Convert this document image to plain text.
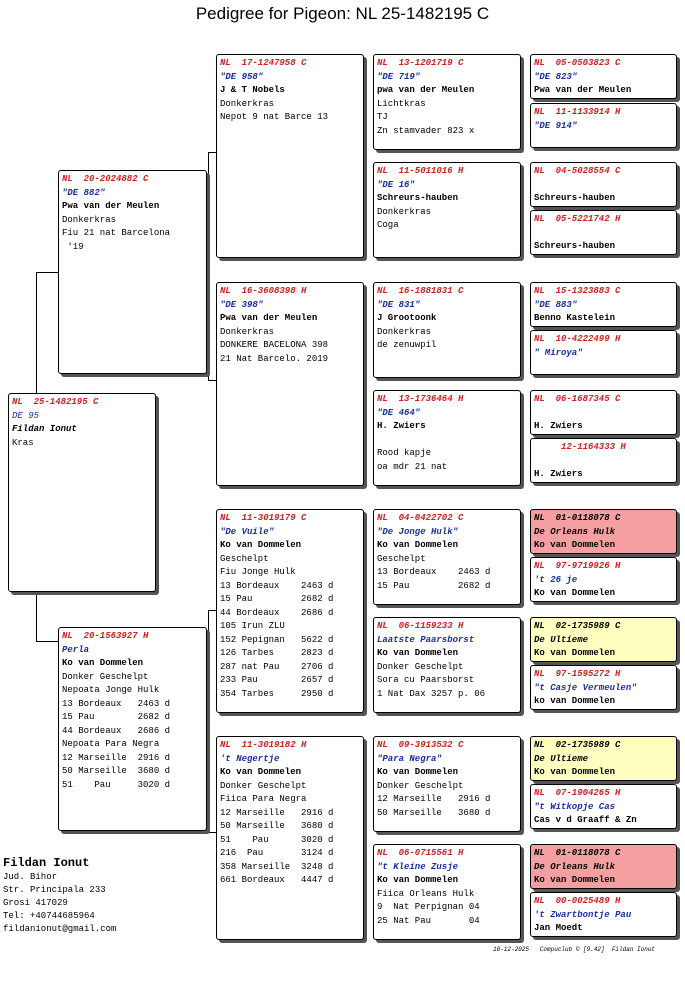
Pedigree for Pigeon: NL 25-1482195 C
NL  25-1482195 C
DE 95
Fildan Ionut
Kras
NL  20-2024882 C
"DE 882"
Pwa van der Meulen
Donkerkras
Fiu 21 nat Barcelona
'19
NL  20-1563927 H
Perla
Ko van Dommelen
Donker Geschelpt
Nepoata Jonge Hulk
13 Bordeaux   2463 d
15 Pau        2682 d
44 Bordeaux   2686 d
Nepoata Para Negra
12 Marseille  2916 d
50 Marseille  3680 d
51    Pau     3020 d
NL  17-1247958 C
"DE 958"
J & T Nobels
Donkerkras
Nepot 9 nat Barce 13
NL  16-3608398 H
"DE 398"
Pwa van der Meulen
Donkerkras
DONKERE BACELONA 398
21 Nat Barcelo. 2019
NL  11-3019179 C
"De Vuile"
Ko van Dommelen
Geschelpt
Fiu Jonge Hulk
13 Bordeaux    2463 d
15 Pau         2682 d
44 Bordeaux    2686 d
105 Irun ZLU
152 Pepignan   5622 d
126 Tarbes     2823 d
287 nat Pau    2706 d
233 Pau        2657 d
354 Tarbes     2950 d
NL  11-3019182 H
't Negertje
Ko van Dommelen
Donker Geschelpt
Fiica Para Negra
12 Marseille   2916 d
50 Marseille   3680 d
51    Pau      3020 d
216  Pau       3124 d
358 Marseille  3248 d
661 Bordeaux   4447 d
NL  13-1201719 C
"DE 719"
pwa van der Meulen
Lichtkras
TJ
Zn stamvader 823 x
NL  11-5011016 H
"DE 16"
Schreurs-hauben
Donkerkras
Coga
NL  16-1881831 C
"DE 831"
J Grootoonk
Donkerkras
de zenuwpil
NL  13-1736464 H
"DE 464"
H. Zwiers
Rood kapje
oa mdr 21 nat
NL  04-0422702 C
"De Jonge Hulk"
Ko van Dommelen
Geschelpt
13 Bordeaux    2463 d
15 Pau         2682 d
NL  06-1159233 H
Laatste Paarsborst
Ko van Dommelen
Donker Geschelpt
Sora cu Paarsborst
1 Nat Dax 3257 p. 06
NL  09-3913532 C
"Para Negra"
Ko van Dommelen
Donker Geschelpt
12 Marseille   2916 d
50 Marseille   3680 d
NL  06-0715561 H
"t Kleine Zusje
Ko van Dommelen
Fiica Orleans Hulk
9  Nat Perpignan 04
25 Nat Pau       04
NL  05-0503823 C
"DE 823"
Pwa van der Meulen
NL  11-1133914 H
"DE 914"
NL  04-5028554 C
Schreurs-hauben
NL  05-5221742 H
Schreurs-hauben
NL  15-1323883 C
"DE 883"
Benno Kastelein
NL  10-4222499 H
" Miroya"
NL  06-1687345 C
H. Zwiers
12-1164333 H
H. Zwiers
NL  01-0118078 C
De Orleans Hulk
Ko van Dommelen
NL  97-9719926 H
't 26 je
Ko van Dommelen
NL  02-1735989 C
De Ultieme
Ko van Dommelen
NL  97-1595272 H
"t Casje Vermeulen"
ko van Dommelen
NL  02-1735989 C
De Ultieme
Ko van Dommelen
NL  07-1904265 H
"t Witkopje Cas
Cas v d Graaff & Zn
NL  01-0118078 C
De Orleans Hulk
Ko van Dommelen
NL  00-0025489 H
't Zwartbontje Pau
Jan Moedt
Fildan Ionut
Jud. Bihor
Str. Principala 233
Grosi 417029
Tel: +40744685964
fildanionut@gmail.com
10-12-2025   Compuclub © [9.42]  Fildan Ionut
